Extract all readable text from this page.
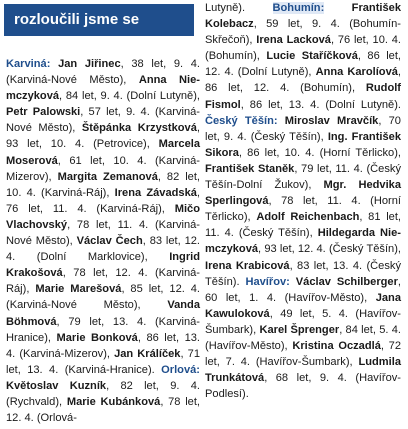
rozloučili jsme se
Karviná: Jan Jiřinec, 38 let, 9. 4. (Karviná-Nové Město), Anna Niemczyková, 84 let, 9. 4. (Dolní Lutyně), Petr Palowski, 57 let, 9. 4. (Karviná-Nové Město), Štěpánka Krzystková, 93 let, 10. 4. (Petrovice), Marcela Moserová, 61 let, 10. 4. (Karviná-Mizerov), Margita Zemanová, 82 let, 10. 4. (Karviná-Ráj), Irena Závadská, 76 let, 11. 4. (Karviná-Ráj), Mičo Vlachovský, 78 let, 11. 4. (Karviná-Nové Město), Václav Čech, 83 let, 12. 4. (Dolní Marklovice), Ingrid Krakošová, 78 let, 12. 4. (Karviná-Ráj), Marie Marešová, 85 let, 12. 4. (Karviná-Nové Město), Vanda Böhmová, 79 let, 13. 4. (Karviná-Hranice), Marie Bonková, 86 let, 13. 4. (Karviná-Mizerov), Jan Králíček, 71 let, 13. 4. (Karviná-Hranice). Orlová: Květoslav Kuzník, 82 let, 9. 4. (Rychvald), Marie Kubánková, 78 let, 12. 4. (Orlová-
Lutyně). Bohumín: František Kolebacz, 59 let, 9. 4. (Bohumín-Skřečoň), Irena Lacková, 76 let, 10. 4. (Bohumín), Lucie Staříčková, 86 let, 12. 4. (Dolní Lutyně), Anna Karolíová, 86 let, 12. 4. (Bohumín), Rudolf Fismol, 86 let, 13. 4. (Dolní Lutyně). Český Těšín: Miroslav Mravčík, 70 let, 9. 4. (Český Těšín), Ing. František Sikora, 86 let, 10. 4. (Horní Těrlicko), František Staněk, 79 let, 11. 4. (Český Těšín-Dolní Žukov), Mgr. Hedvika Sperlingová, 78 let, 11. 4. (Horní Těrlicko), Adolf Reichenbach, 81 let, 11. 4. (Český Těšín), Hildegarda Niemczyková, 93 let, 12. 4. (Český Těšín), Irena Krabicová, 83 let, 13. 4. (Český Těšín). Havířov: Václav Schilberger, 60 let, 1. 4. (Havířov-Město), Jana Kawuloková, 49 let, 5. 4. (Havířov-Šumbark), Karel Šprenger, 84 let, 5. 4. (Havířov-Město), Kristina Oczadlá, 72 let, 7. 4. (Havířov-Šumbark), Ludmila Trunkátová, 68 let, 9. 4. (Havířov-Podlesí).
